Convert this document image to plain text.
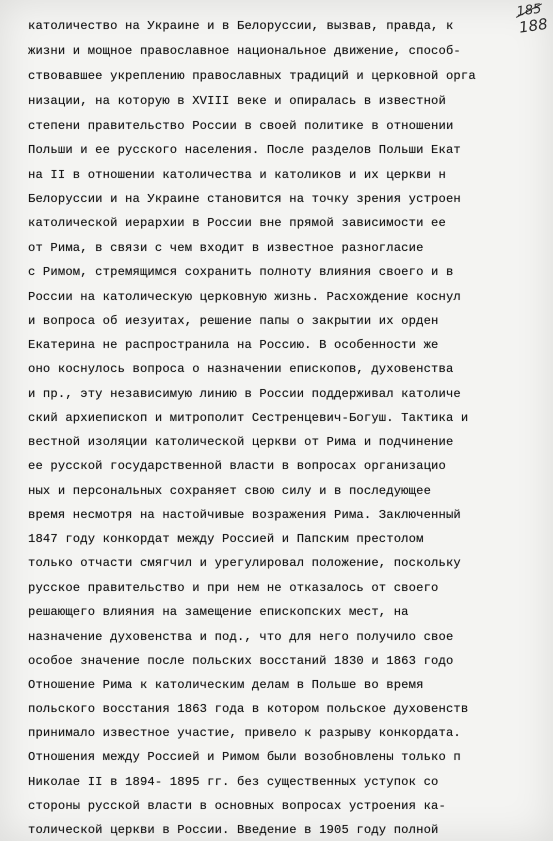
185
188
католичество на Украине и в Белоруссии, вызвав, правда, к
жизни и мощное православное национальное движение, способ-
ствовавшее укреплению православных традиций и церковной орга
низации, на которую в XVIII веке и опиралась в известной
степени правительство России в своей политике в отношении
Польши и ее русского населения. После разделов Польши Екат
на II в отношении католичества и католиков и их церкви н
Белоруссии и на Украине становится на точку зрения устроен
католической иерархии в России вне прямой зависимости ее
от Рима, в связи с чем входит в известное разногласие
с Римом, стремящимся сохранить полноту влияния своего и в
России на католическую церковную жизнь. Расхождение коснул
и вопроса об иезуитах, решение папы о закрытии их орден
Екатерина не распространила на Россию. В особенности же
оно коснулось вопроса о назначении епископов, духовенства
и пр., эту независимую линию в России поддерживал католиче
ский архиепископ и митрополит Сестренцевич-Богуш. Тактика и
вестной изоляции католической церкви от Рима и подчинение
ее русской государственной власти в вопросах организацио
ных и персональных сохраняет свою силу и в последующее
время несмотря на настойчивые возражения Рима. Заключенный
1847 году конкордат между Россией и Папским престолом
только отчасти смягчил и урегулировал положение, поскольку
русское правительство и при нем не отказалось от своего
решающего влияния на замещение епископских мест, на
назначение духовенства и под., что для него получило свое
особое значение после польских восстаний 1830 и 1863 годо
Отношение Рима к католическим делам в Польше во время
польского восстания 1863 года в котором польское духовенств
принимало известное участие, привело к разрыву конкордата.
Отношения между Россией и Римом были возобновлены только п
Николае II в 1894- 1895 гг. без существенных уступок со
стороны русской власти в основных вопросах устроения ка-
толической церкви в России. Введение в 1905 году полной
